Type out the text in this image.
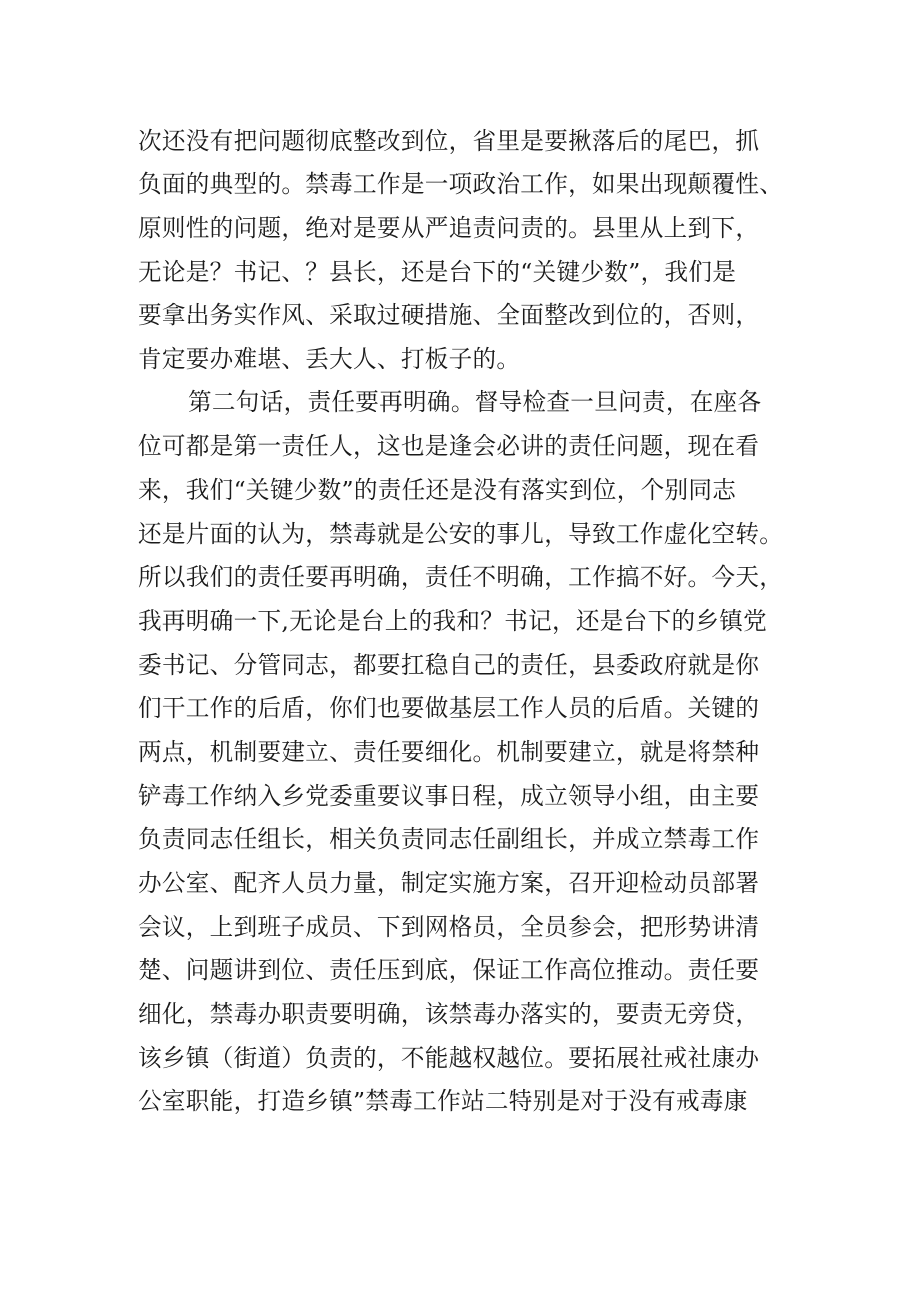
次还没有把问题彻底整改到位，省里是要揪落后的尾巴，抓
负面的典型的。禁毒工作是一项政治工作，如果出现颠覆性、
原则性的问题，绝对是要从严追责问责的。县里从上到下，
无论是？书记、？县长，还是台下的“关键少数”，我们是
要拿出务实作风、采取过硬措施、全面整改到位的，否则，
肯定要办难堪、丢大人、打板子的。
第二句话，责任要再明确。督导检查一旦问责，在座各
位可都是第一责任人，这也是逢会必讲的责任问题，现在看
来，我们“关键少数”的责任还是没有落实到位，个别同志
还是片面的认为，禁毒就是公安的事儿，导致工作虚化空转。
所以我们的责任要再明确，责任不明确，工作搞不好。今天，
我再明确一下,无论是台上的我和？书记，还是台下的乡镇党
委书记、分管同志，都要扛稳自己的责任，县委政府就是你
们干工作的后盾，你们也要做基层工作人员的后盾。关键的
两点，机制要建立、责任要细化。机制要建立，就是将禁种
铲毒工作纳入乡党委重要议事日程，成立领导小组，由主要
负责同志任组长，相关负责同志任副组长，并成立禁毒工作
办公室、配齐人员力量，制定实施方案，召开迎检动员部署
会议，上到班子成员、下到网格员，全员参会，把形势讲清
楚、问题讲到位、责任压到底，保证工作高位推动。责任要
细化，禁毒办职责要明确，该禁毒办落实的，要责无旁贷，
该乡镇（街道）负责的，不能越权越位。要拓展社戒社康办
公室职能，打造乡镇”禁毒工作站二特别是对于没有戒毒康
